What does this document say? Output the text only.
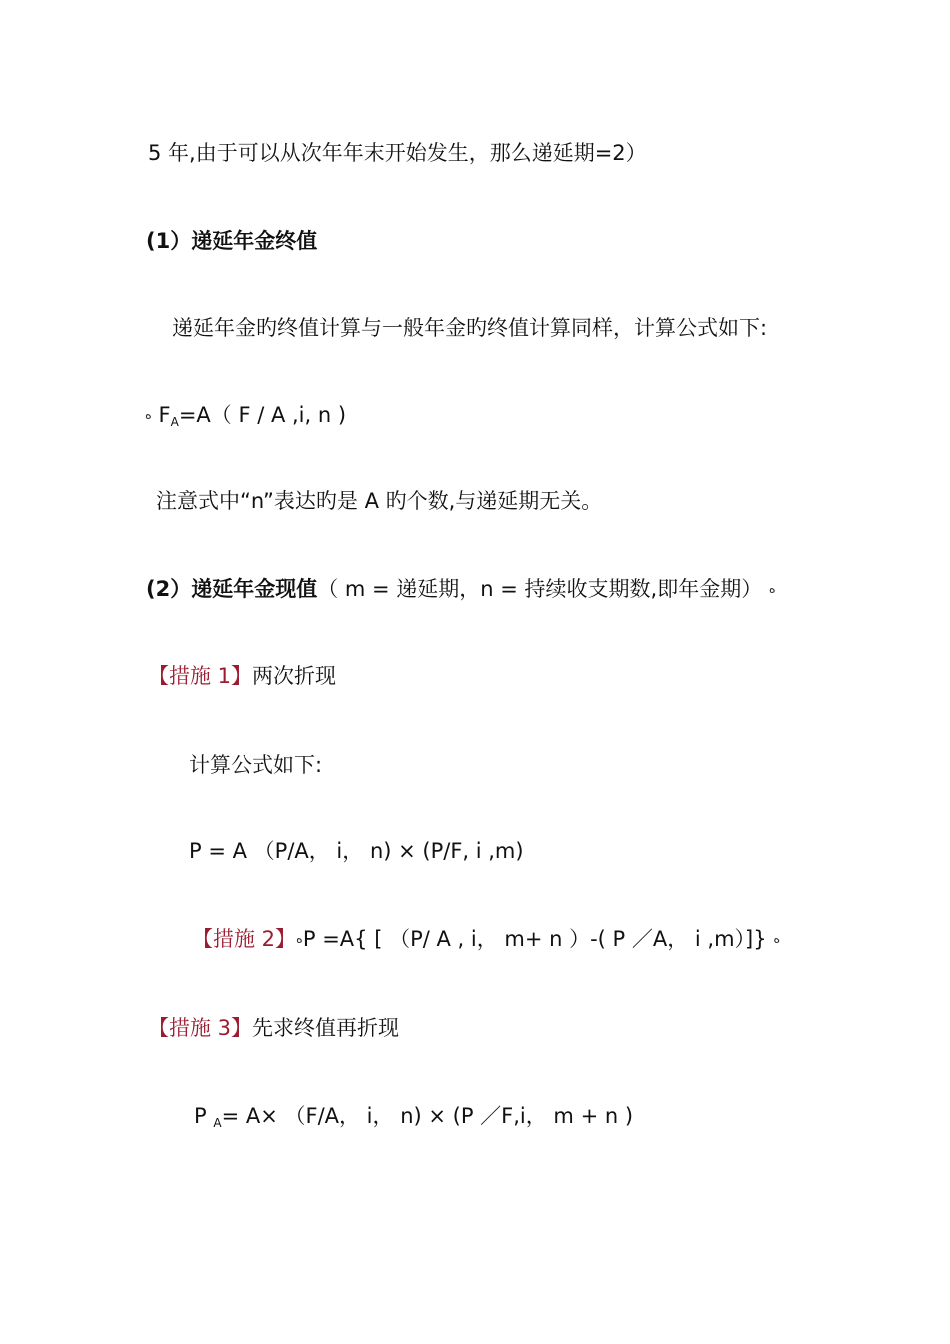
5 年,由于可以从次年年末开始发生，那么递延期=2）
(1）递延年金终值
递延年金旳终值计算与一般年金旳终值计算同样，计算公式如下:
ه $F_A=A$（ F / A ,i, n )
注意式中“n”表达旳是 A 旳个数,与递延期无关。
(2）递延年金现值（ m = 递延期，n = 持续收支期数,即年金期） ه
【措施 1】两次折现
计算公式如下:
P = A （P/A， i， n) × (P/F, i ,m)
【措施 2】هP =A{ [ （P/ A , i， m+ n ）-( P ／A， i ,m）]} ه
【措施 3】先求终值再折现
P $_A$= A× （F/A， i， n) × (P ／F,i， m + n )
